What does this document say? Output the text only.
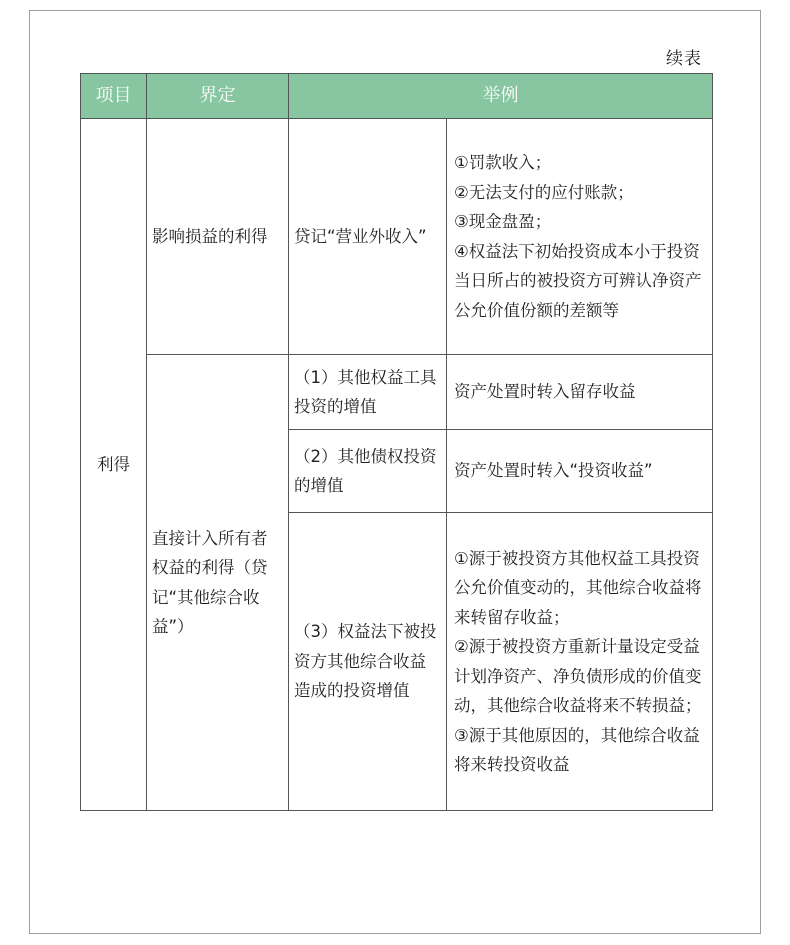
续表
项目	界定	举例	
利得	影响损益的利得	贷记“营业外收入”	①罚款收入；
②无法支付的应付账款；
③现金盘盈；
④权益法下初始投资成本小于投资当日所占的被投资方可辨认净资产公允价值份额的差额等

	直接计入所有者权益的利得（贷记“其他综合收益”）	（1）其他权益工具投资的增值	资产处置时转入留存收益

		（2）其他债权投资的增值	资产处置时转入“投资收益”

		（3）权益法下被投资方其他综合收益造成的投资增值	①源于被投资方其他权益工具投资公允价值变动的，其他综合收益将来转留存收益；
②源于被投资方重新计量设定受益计划净资产、净负债形成的价值变动，其他综合收益将来不转损益；
③源于其他原因的，其他综合收益将来转投资收益
